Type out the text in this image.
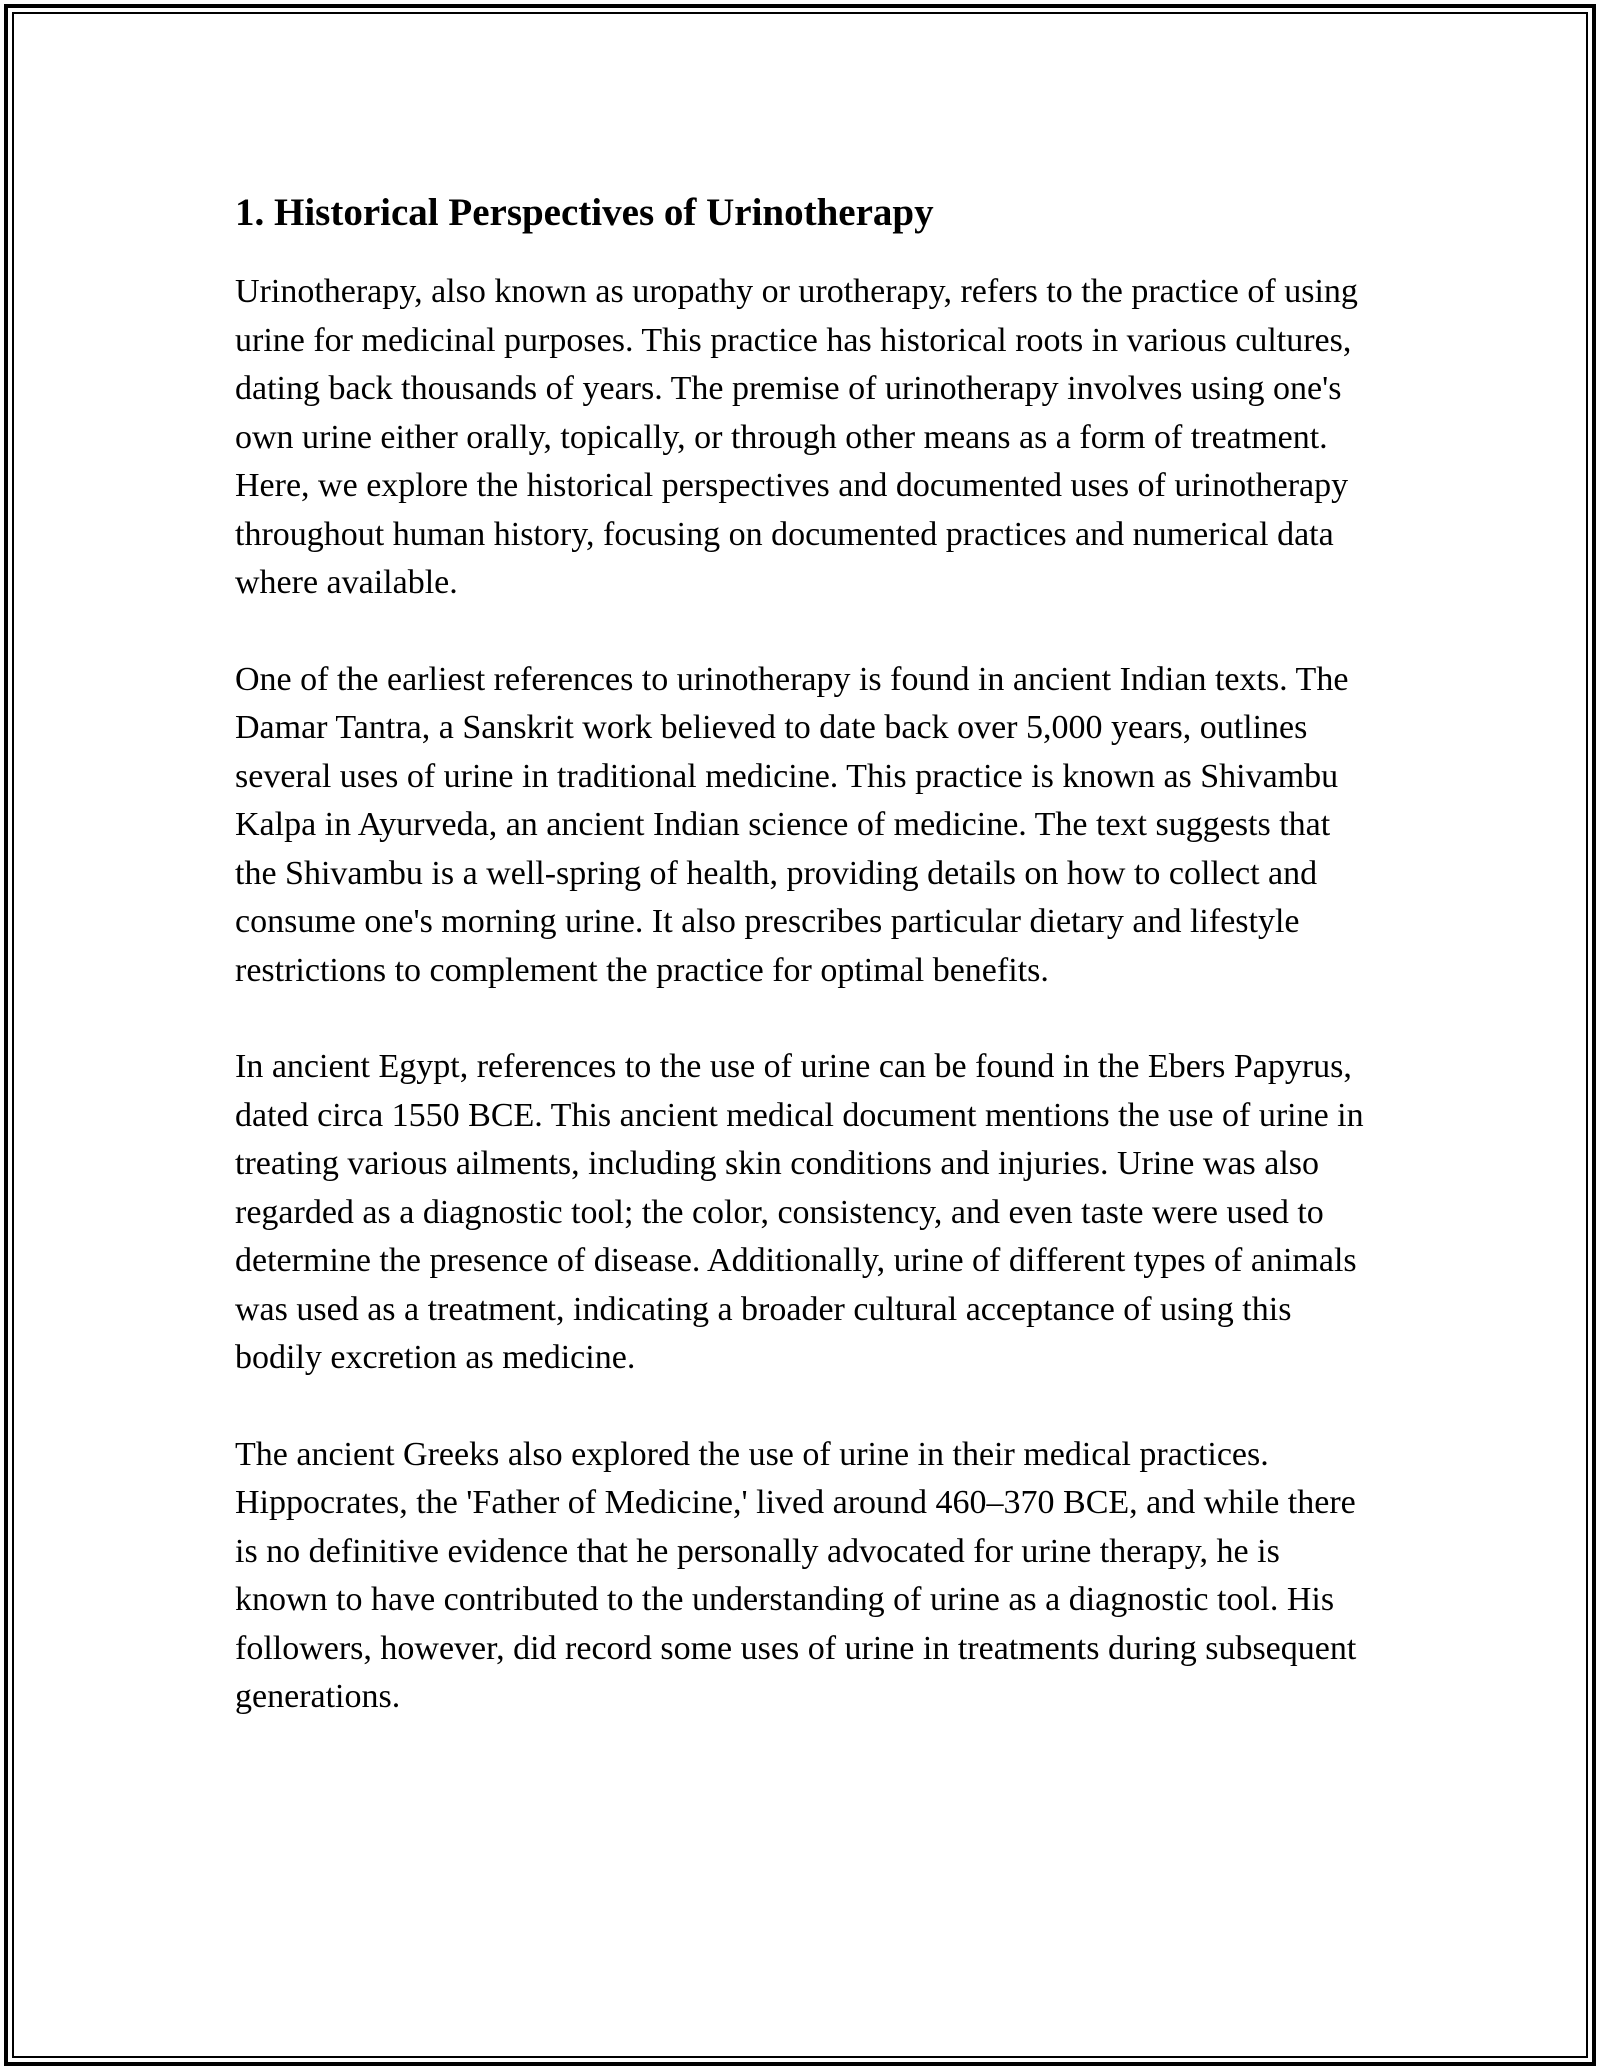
1. Historical Perspectives of Urinotherapy

Urinotherapy, also known as uropathy or urotherapy, refers to the practice of using urine for medicinal purposes. This practice has historical roots in various cultures, dating back thousands of years. The premise of urinotherapy involves using one's own urine either orally, topically, or through other means as a form of treatment. Here, we explore the historical perspectives and documented uses of urinotherapy throughout human history, focusing on documented practices and numerical data where available.

One of the earliest references to urinotherapy is found in ancient Indian texts. The Damar Tantra, a Sanskrit work believed to date back over 5,000 years, outlines several uses of urine in traditional medicine. This practice is known as Shivambu Kalpa in Ayurveda, an ancient Indian science of medicine. The text suggests that the Shivambu is a well-spring of health, providing details on how to collect and consume one's morning urine. It also prescribes particular dietary and lifestyle restrictions to complement the practice for optimal benefits.

In ancient Egypt, references to the use of urine can be found in the Ebers Papyrus, dated circa 1550 BCE. This ancient medical document mentions the use of urine in treating various ailments, including skin conditions and injuries. Urine was also regarded as a diagnostic tool; the color, consistency, and even taste were used to determine the presence of disease. Additionally, urine of different types of animals was used as a treatment, indicating a broader cultural acceptance of using this bodily excretion as medicine.

The ancient Greeks also explored the use of urine in their medical practices. Hippocrates, the 'Father of Medicine,' lived around 460–370 BCE, and while there is no definitive evidence that he personally advocated for urine therapy, he is known to have contributed to the understanding of urine as a diagnostic tool. His followers, however, did record some uses of urine in treatments during subsequent generations.
